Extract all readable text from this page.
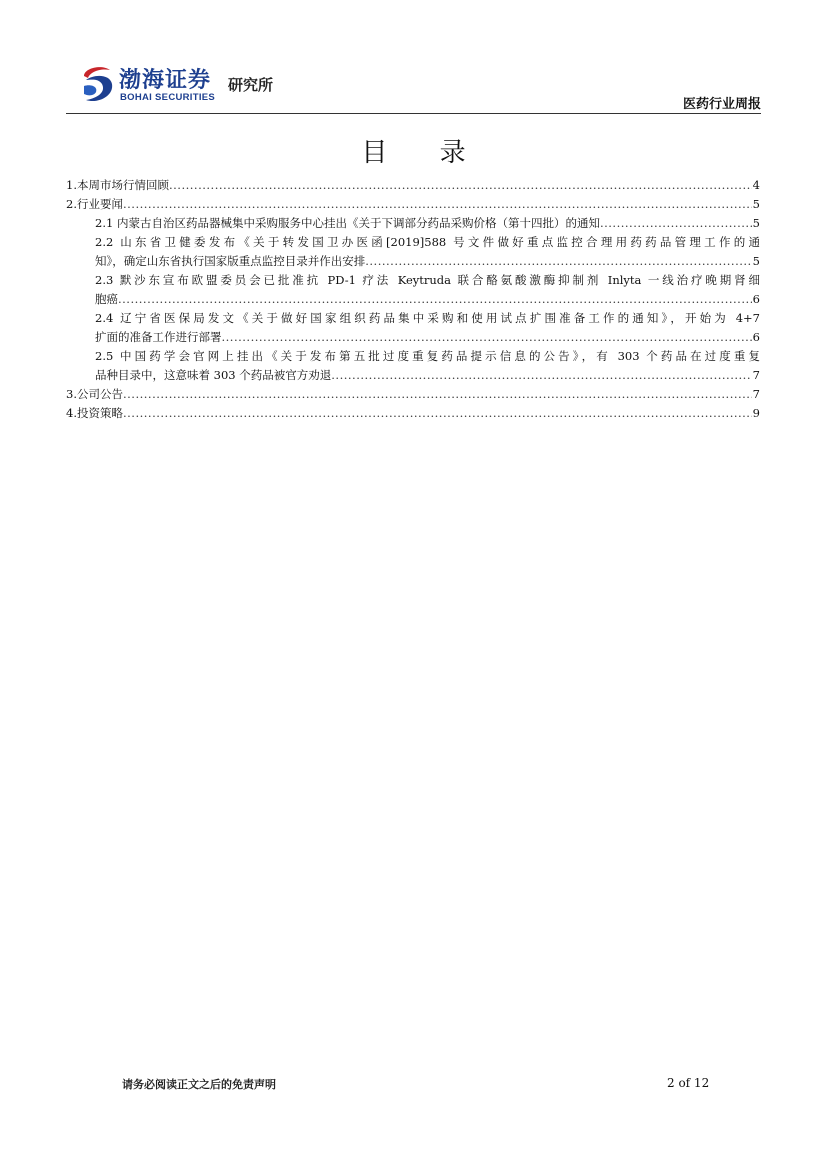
渤海证券
BOHAI SECURITIES
研究所
医药行业周报
目 录
1.本周市场行情回顾 .....	4
2.行业要闻 .....	5
2.1 内蒙古自治区药品器械集中采购服务中心挂出《关于下调部分药品采购价格（第十四批）的通知 .....	5
2.2 山东省卫健委发布《关于转发国卫办医函[2019]588 号文件做好重点监控合理用药药品管理工作的通
知》，确定山东省执行国家版重点监控目录并作出安排 .....	5
2.3 默沙东宣布欧盟委员会已批准抗 PD-1 疗法 Keytruda 联合酪氨酸激酶抑制剂 Inlyta 一线治疗晚期肾细
胞癌 .....	6
2.4 辽宁省医保局发文《关于做好国家组织药品集中采购和使用试点扩围准备工作的通知》，开始为 4+7
扩面的准备工作进行部署 .....	6
2.5 中国药学会官网上挂出《关于发布第五批过度重复药品提示信息的公告》，有 303 个药品在过度重复
品种目录中，这意味着 303 个药品被官方劝退 .....	7
3.公司公告 .....	7
4.投资策略 .....	9
请务必阅读正文之后的免责声明	2 of 12
